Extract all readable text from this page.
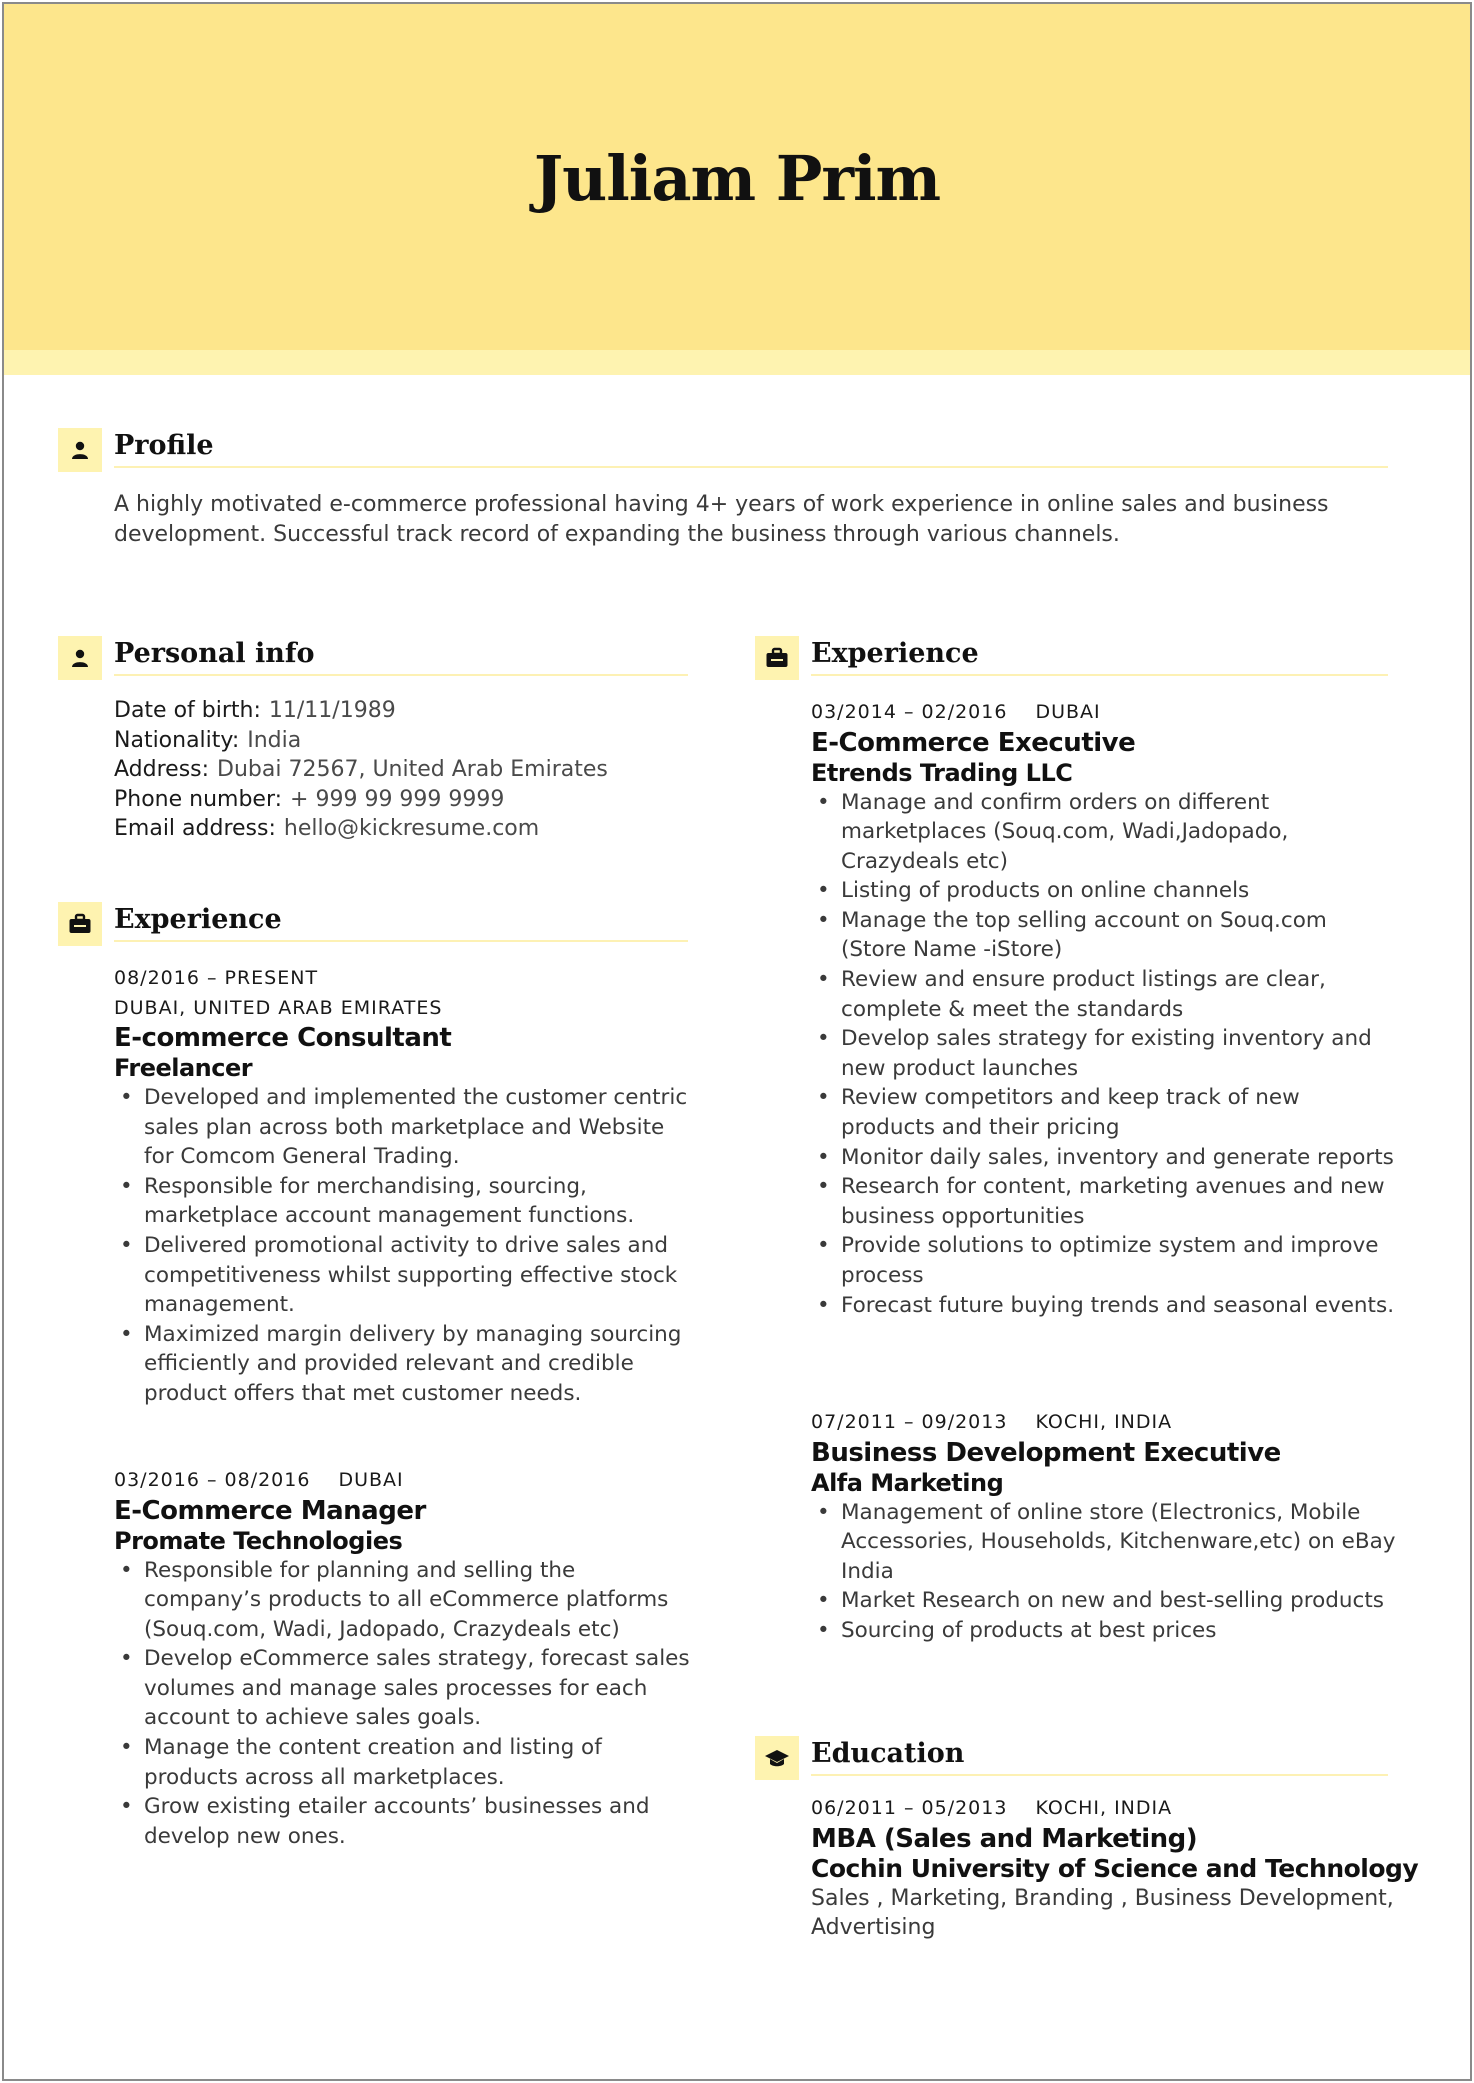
Juliam Prim
Profile
A highly motivated e-commerce professional having 4+ years of work experience in online sales and business development. Successful track record of expanding the business through various channels.
Personal info
Date of birth: 11/11/1989
Nationality: India
Address: Dubai 72567, United Arab Emirates
Phone number: + 999 99 999 9999
Email address: hello@kickresume.com
Experience
08/2016 – PRESENT
DUBAI, UNITED ARAB EMIRATES
E-commerce Consultant
Freelancer
• Developed and implemented the customer centric sales plan across both marketplace and Website for Comcom General Trading.
• Responsible for merchandising, sourcing, marketplace account management functions.
• Delivered promotional activity to drive sales and competitiveness whilst supporting effective stock management.
• Maximized margin delivery by managing sourcing efficiently and provided relevant and credible product offers that met customer needs.
03/2016 – 08/2016 DUBAI
E-Commerce Manager
Promate Technologies
• Responsible for planning and selling the company’s products to all eCommerce platforms (Souq.com, Wadi, Jadopado, Crazydeals etc)
• Develop eCommerce sales strategy, forecast sales volumes and manage sales processes for each account to achieve sales goals.
• Manage the content creation and listing of products across all marketplaces.
• Grow existing etailer accounts’ businesses and develop new ones.
Experience
03/2014 – 02/2016 DUBAI
E-Commerce Executive
Etrends Trading LLC
• Manage and confirm orders on different marketplaces (Souq.com, Wadi,Jadopado, Crazydeals etc)
• Listing of products on online channels
• Manage the top selling account on Souq.com (Store Name -iStore)
• Review and ensure product listings are clear, complete & meet the standards
• Develop sales strategy for existing inventory and new product launches
• Review competitors and keep track of new products and their pricing
• Monitor daily sales, inventory and generate reports
• Research for content, marketing avenues and new business opportunities
• Provide solutions to optimize system and improve process
• Forecast future buying trends and seasonal events.
07/2011 – 09/2013 KOCHI, INDIA
Business Development Executive
Alfa Marketing
• Management of online store (Electronics, Mobile Accessories, Households, Kitchenware,etc) on eBay India
• Market Research on new and best-selling products
• Sourcing of products at best prices
Education
06/2011 – 05/2013 KOCHI, INDIA
MBA (Sales and Marketing)
Cochin University of Science and Technology
Sales , Marketing, Branding , Business Development, Advertising
